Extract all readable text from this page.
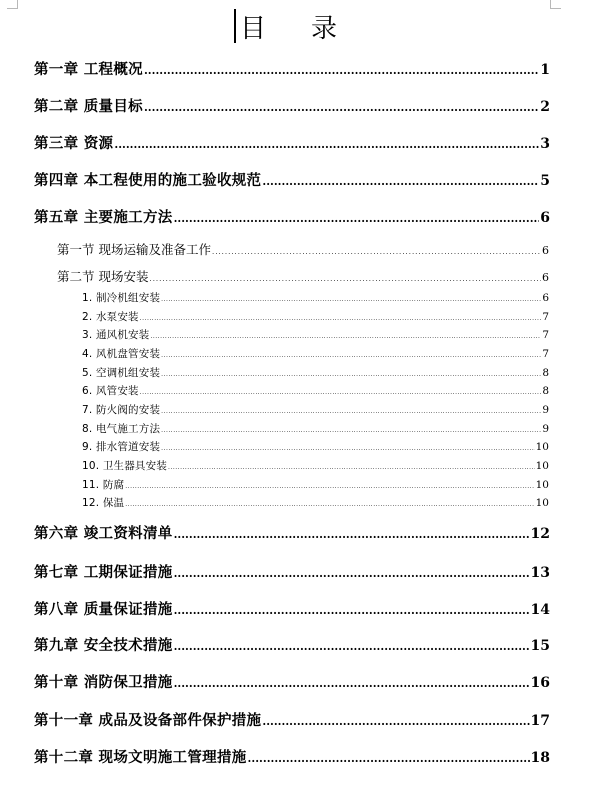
目录
第一章 工程概况 .....	1
第二章 质量目标 .....	2
第三章 资源 .....	3
第四章 本工程使用的施工验收规范 .....	5
第五章 主要施工方法 .....	6
第一节 现场运输及准备工作 .....	6
第二节 现场安装 .....	6
1. 制冷机组安装 .....	6
2. 水泵安装 .....	7
3. 通风机安装 .....	7
4. 风机盘管安装 .....	7
5. 空调机组安装 .....	8
6. 风管安装 .....	8
7. 防火阀的安装 .....	9
8. 电气施工方法 .....	9
9. 排水管道安装 .....	10
10. 卫生器具安装 .....	10
11. 防腐 .....	10
12. 保温 .....	10
第六章 竣工资料清单 .....	12
第七章 工期保证措施 .....	13
第八章 质量保证措施 .....	14
第九章 安全技术措施 .....	15
第十章 消防保卫措施 .....	16
第十一章 成品及设备部件保护措施 .....	17
第十二章 现场文明施工管理措施 .....	18
